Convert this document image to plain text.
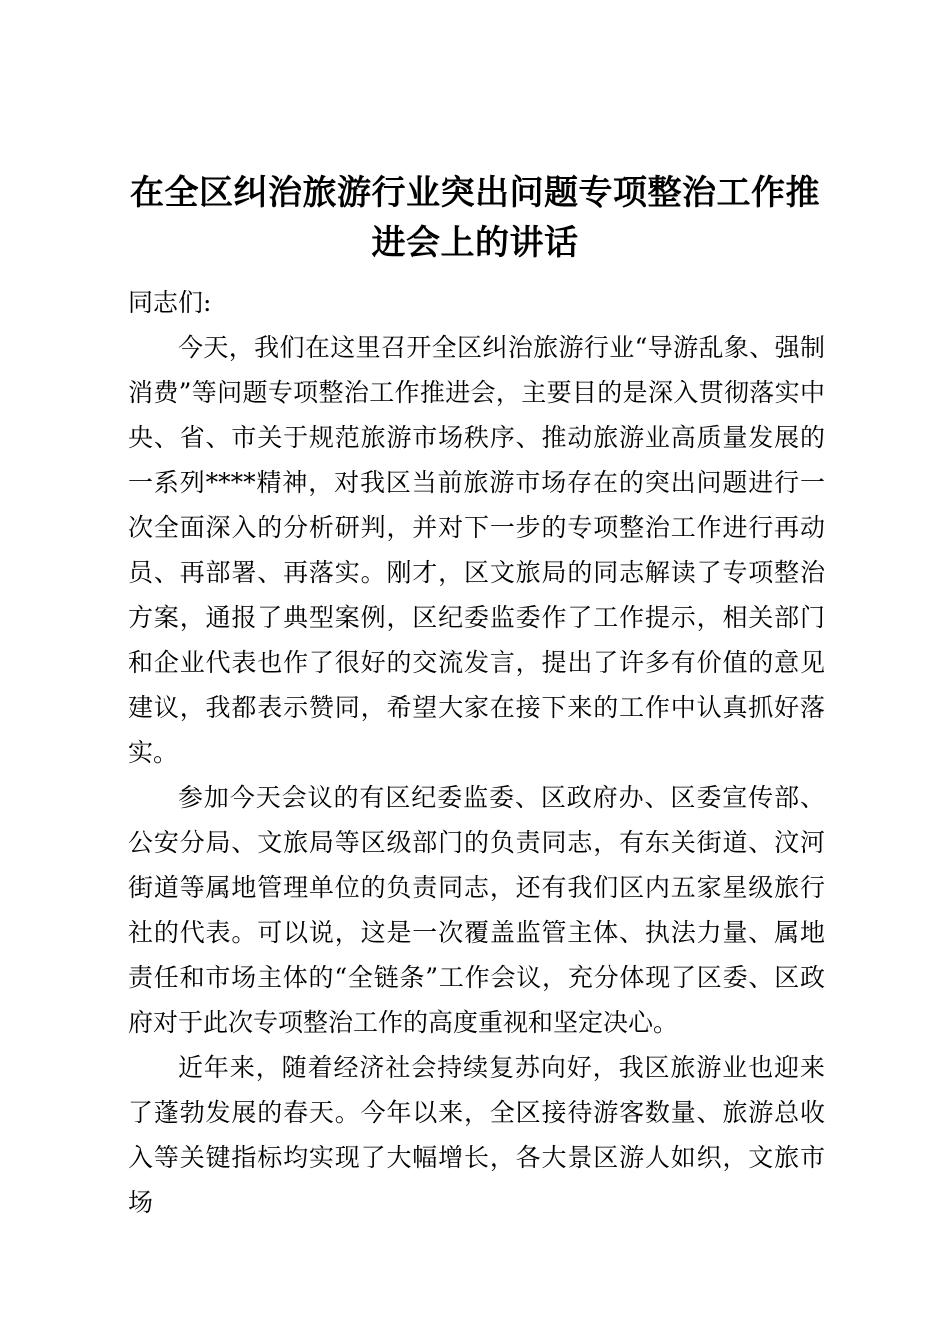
在全区纠治旅游行业突出问题专项整治工作推进会上的讲话

同志们:

今天，我们在这里召开全区纠治旅游行业“导游乱象、强制消费”等问题专项整治工作推进会，主要目的是深入贯彻落实中央、省、市关于规范旅游市场秩序、推动旅游业高质量发展的一系列****精神，对我区当前旅游市场存在的突出问题进行一次全面深入的分析研判，并对下一步的专项整治工作进行再动员、再部署、再落实。刚才，区文旅局的同志解读了专项整治方案，通报了典型案例，区纪委监委作了工作提示，相关部门和企业代表也作了很好的交流发言，提出了许多有价值的意见建议，我都表示赞同，希望大家在接下来的工作中认真抓好落实。

参加今天会议的有区纪委监委、区政府办、区委宣传部、公安分局、文旅局等区级部门的负责同志，有东关街道、汶河街道等属地管理单位的负责同志，还有我们区内五家星级旅行社的代表。可以说，这是一次覆盖监管主体、执法力量、属地责任和市场主体的“全链条”工作会议，充分体现了区委、区政府对于此次专项整治工作的高度重视和坚定决心。

近年来，随着经济社会持续复苏向好，我区旅游业也迎来了蓬勃发展的春天。今年以来，全区接待游客数量、旅游总收入等关键指标均实现了大幅增长，各大景区游人如织，文旅市场
